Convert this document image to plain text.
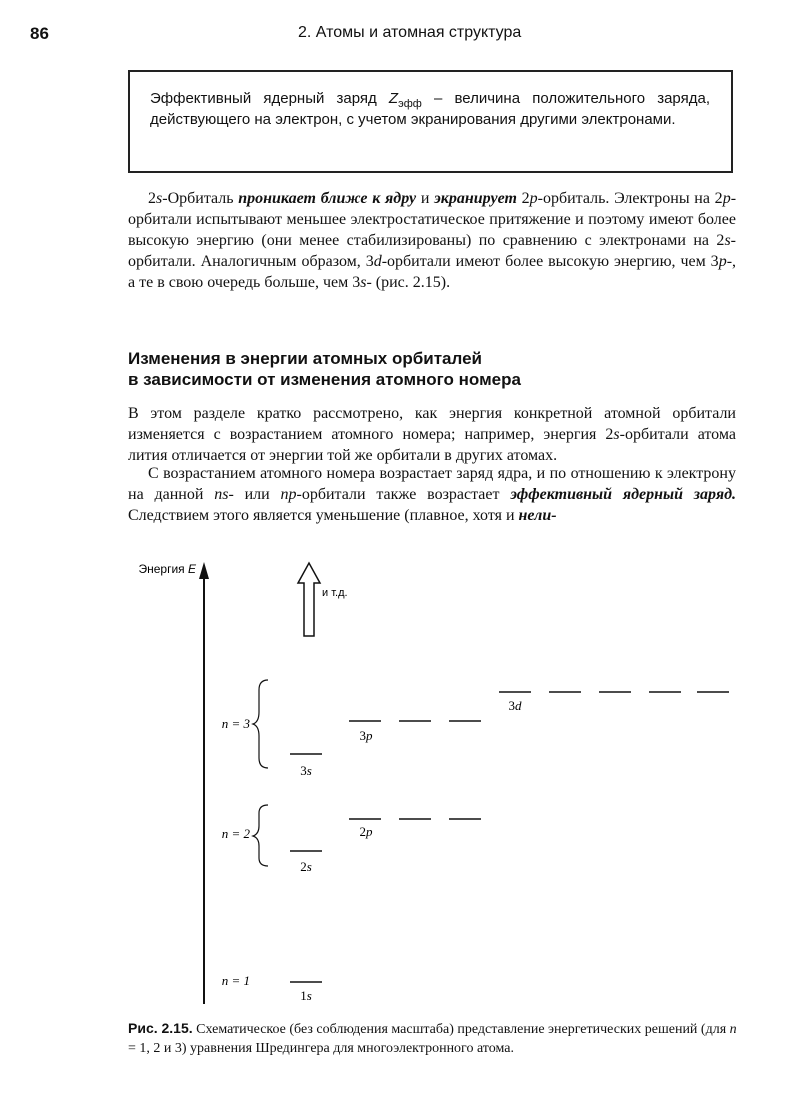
86	2. Атомы и атомная структура
Эффективный ядерный заряд $Z_{эфф}$ – величина положительного заряда, действующего на электрон, с учетом экранирования другими электронами.
2s-Орбиталь проникает ближе к ядру и экранирует 2p-орбиталь. Электроны на 2p-орбитали испытывают меньшее электростатическое притяжение и поэтому имеют более высокую энергию (они менее стабилизированы) по сравнению с электронами на 2s-орбитали. Аналогичным образом, 3d-орбитали имеют более высокую энергию, чем 3p-, а те в свою очередь больше, чем 3s- (рис. 2.15).
Изменения в энергии атомных орбиталей
в зависимости от изменения атомного номера
В этом разделе кратко рассмотрено, как энергия конкретной атомной орбитали изменяется с возрастанием атомного номера; например, энергия 2s-орбитали атома лития отличается от энергии той же орбитали в других атомах.
С возрастанием атомного номера возрастает заряд ядра, и по отношению к электрону на данной ns- или np-орбитали также возрастает эффективный ядерный заряд. Следствием этого является уменьшение (плавное, хотя и нели-
Энергия E
и т.д.
n = 3
n = 2
n = 1
3d
3p
3s
2p
2s
1s
Рис. 2.15. Схематическое (без соблюдения масштаба) представление энергетических решений (для n = 1, 2 и 3) уравнения Шредингера для многоэлектронного атома.
